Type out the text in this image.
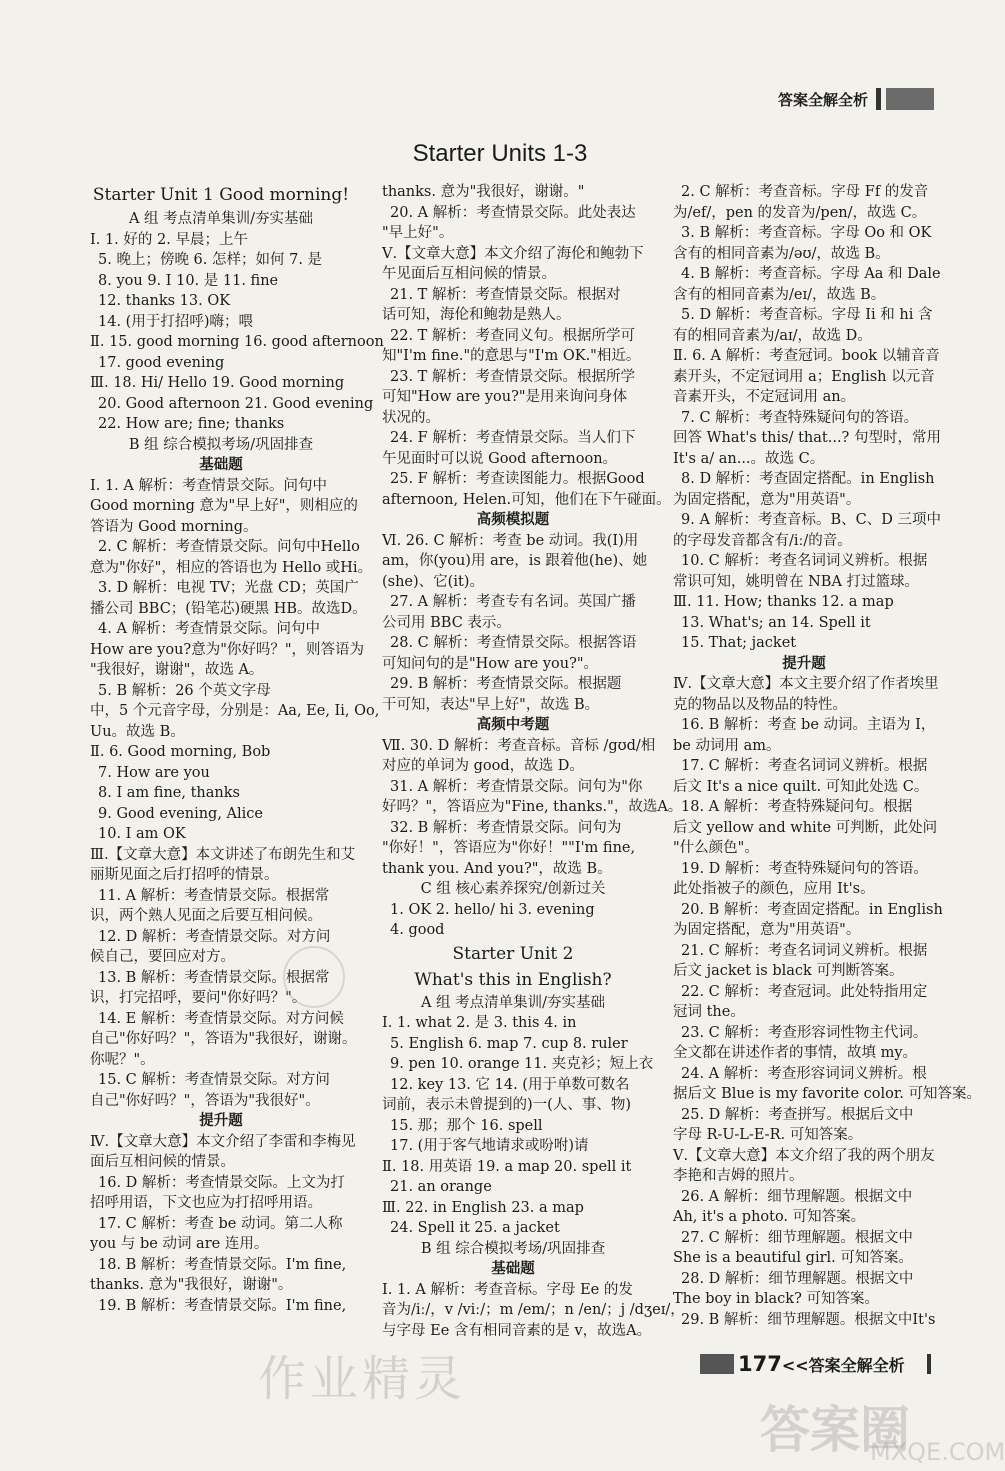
答案全解全析
Starter Units 1-3
Starter Unit 1 Good morning!
A 组 考点清单集训/夯实基础
Ⅰ. 1. 好的 2. 早晨；上午
5. 晚上；傍晚 6. 怎样；如何 7. 是
8. you 9. I 10. 是 11. fine
12. thanks 13. OK
14. (用于打招呼)嗨；喂
Ⅱ. 15. good morning 16. good afternoon
17. good evening
Ⅲ. 18. Hi/ Hello 19. Good morning
20. Good afternoon 21. Good evening
22. How are; fine; thanks
B 组 综合模拟考场/巩固排查
基础题
Ⅰ. 1. A 解析：考查情景交际。问句中
Good morning 意为"早上好"，则相应的
答语为 Good morning。
2. C 解析：考查情景交际。问句中Hello
意为"你好"，相应的答语也为 Hello 或Hi。
3. D 解析：电视 TV；光盘 CD；英国广
播公司 BBC；(铅笔芯)硬黑 HB。故选D。
4. A 解析：考查情景交际。问句中
How are you?意为"你好吗？"，则答语为
"我很好，谢谢"，故选 A。
5. B 解析：26 个英文字母
中，5 个元音字母，分别是：Aa, Ee, Ii, Oo,
Uu。故选 B。
Ⅱ. 6. Good morning, Bob
7. How are you
8. I am fine, thanks
9. Good evening, Alice
10. I am OK
Ⅲ.【文章大意】本文讲述了布朗先生和艾
丽斯见面之后打招呼的情景。
11. A 解析：考查情景交际。根据常
识，两个熟人见面之后要互相问候。
12. D 解析：考查情景交际。对方问
候自己，要回应对方。
13. B 解析：考查情景交际。根据常
识，打完招呼，要问"你好吗？"。
14. E 解析：考查情景交际。对方问候
自己"你好吗？"，答语为"我很好，谢谢。
你呢？"。
15. C 解析：考查情景交际。对方问
自己"你好吗？"，答语为"我很好"。
提升题
Ⅳ.【文章大意】本文介绍了李雷和李梅见
面后互相问候的情景。
16. D 解析：考查情景交际。上文为打
招呼用语，下文也应为打招呼用语。
17. C 解析：考查 be 动词。第二人称
you 与 be 动词 are 连用。
18. B 解析：考查情景交际。I'm fine,
thanks. 意为"我很好，谢谢"。
19. B 解析：考查情景交际。I'm fine,
thanks. 意为"我很好，谢谢。"
20. A 解析：考查情景交际。此处表达
"早上好"。
Ⅴ.【文章大意】本文介绍了海伦和鲍勃下
午见面后互相问候的情景。
21. T 解析：考查情景交际。根据对
话可知，海伦和鲍勃是熟人。
22. T 解析：考查同义句。根据所学可
知"I'm fine."的意思与"I'm OK."相近。
23. T 解析：考查情景交际。根据所学
可知"How are you?"是用来询问身体
状况的。
24. F 解析：考查情景交际。当人们下
午见面时可以说 Good afternoon。
25. F 解析：考查读图能力。根据Good
afternoon, Helen.可知，他们在下午碰面。
高频模拟题
Ⅵ. 26. C 解析：考查 be 动词。我(I)用
am，你(you)用 are，is 跟着他(he)、她
(she)、它(it)。
27. A 解析：考查专有名词。英国广播
公司用 BBC 表示。
28. C 解析：考查情景交际。根据答语
可知问句的是"How are you?"。
29. B 解析：考查情景交际。根据题
干可知，表达"早上好"，故选 B。
高频中考题
Ⅶ. 30. D 解析：考查音标。音标 /gʊd/相
对应的单词为 good，故选 D。
31. A 解析：考查情景交际。问句为"你
好吗？"，答语应为"Fine, thanks."，故选A。
32. B 解析：考查情景交际。问句为
"你好！"，答语应为"你好！""I'm fine,
thank you. And you?"，故选 B。
C 组 核心素养探究/创新过关
1. OK 2. hello/ hi 3. evening
4. good
Starter Unit 2
What's this in English?
A 组 考点清单集训/夯实基础
Ⅰ. 1. what 2. 是 3. this 4. in
5. English 6. map 7. cup 8. ruler
9. pen 10. orange 11. 夹克衫；短上衣
12. key 13. 它 14. (用于单数可数名
词前，表示未曾提到的)一(人、事、物)
15. 那；那个 16. spell
17. (用于客气地请求或吩咐)请
Ⅱ. 18. 用英语 19. a map 20. spell it
21. an orange
Ⅲ. 22. in English 23. a map
24. Spell it 25. a jacket
B 组 综合模拟考场/巩固排查
基础题
Ⅰ. 1. A 解析：考查音标。字母 Ee 的发
音为/iː/，v /viː/；m /em/；n /en/；j /dʒeɪ/，
与字母 Ee 含有相同音素的是 v，故选A。
2. C 解析：考查音标。字母 Ff 的发音
为/ef/，pen 的发音为/pen/，故选 C。
3. B 解析：考查音标。字母 Oo 和 OK
含有的相同音素为/əʊ/，故选 B。
4. B 解析：考查音标。字母 Aa 和 Dale
含有的相同音素为/eɪ/，故选 B。
5. D 解析：考查音标。字母 Ii 和 hi 含
有的相同音素为/aɪ/，故选 D。
Ⅱ. 6. A 解析：考查冠词。book 以辅音音
素开头，不定冠词用 a；English 以元音
音素开头，不定冠词用 an。
7. C 解析：考查特殊疑问句的答语。
回答 What's this/ that...? 句型时，常用
It's a/ an...。故选 C。
8. D 解析：考查固定搭配。in English
为固定搭配，意为"用英语"。
9. A 解析：考查音标。B、C、D 三项中
的字母发音都含有/iː/的音。
10. C 解析：考查名词词义辨析。根据
常识可知，姚明曾在 NBA 打过篮球。
Ⅲ. 11. How; thanks 12. a map
13. What's; an 14. Spell it
15. That; jacket
提升题
Ⅳ.【文章大意】本文主要介绍了作者埃里
克的物品以及物品的特性。
16. B 解析：考查 be 动词。主语为 I，
be 动词用 am。
17. C 解析：考查名词词义辨析。根据
后文 It's a nice quilt. 可知此处选 C。
18. A 解析：考查特殊疑问句。根据
后文 yellow and white 可判断，此处问
"什么颜色"。
19. D 解析：考查特殊疑问句的答语。
此处指被子的颜色，应用 It's。
20. B 解析：考查固定搭配。in English
为固定搭配，意为"用英语"。
21. C 解析：考查名词词义辨析。根据
后文 jacket is black 可判断答案。
22. C 解析：考查冠词。此处特指用定
冠词 the。
23. C 解析：考查形容词性物主代词。
全文都在讲述作者的事情，故填 my。
24. A 解析：考查形容词词义辨析。根
据后文 Blue is my favorite color. 可知答案。
25. D 解析：考查拼写。根据后文中
字母 R-U-L-E-R. 可知答案。
Ⅴ.【文章大意】本文介绍了我的两个朋友
李艳和吉姆的照片。
26. A 解析：细节理解题。根据文中
Ah, it's a photo. 可知答案。
27. C 解析：细节理解题。根据文中
She is a beautiful girl. 可知答案。
28. D 解析：细节理解题。根据文中
The boy in black? 可知答案。
29. B 解析：细节理解题。根据文中It's
作业精灵
答案圈
MXQE.COM
177<<答案全解全析
